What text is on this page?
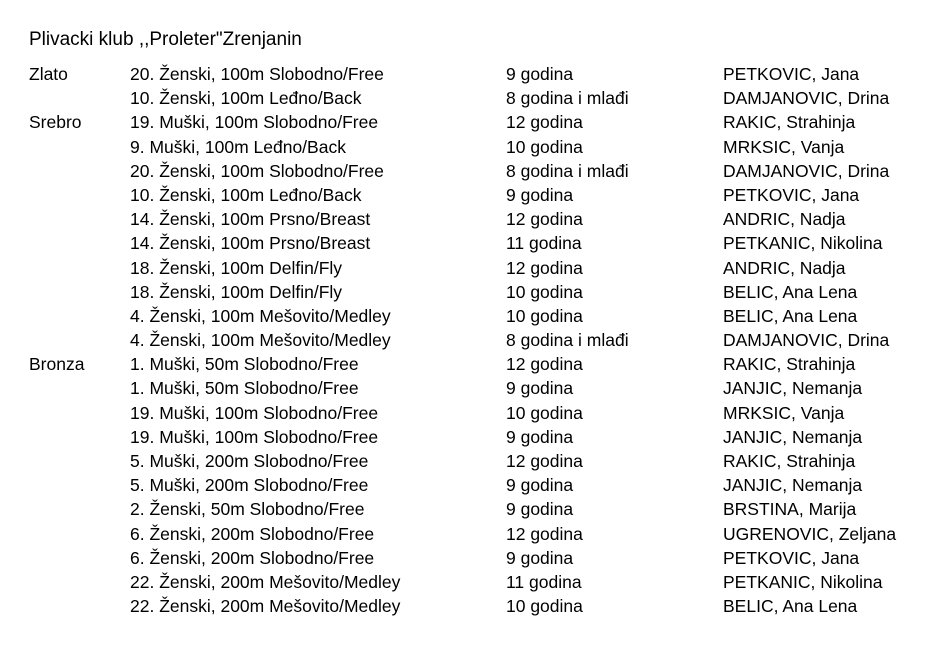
Plivacki klub ,,Proleter"Zrenjanin
Zlato	20. Ženski, 100m Slobodno/Free	9 godina	PETKOVIC, Jana
10. Ženski, 100m Leđno/Back	8 godina i mlađi	DAMJANOVIC, Drina
Srebro	19. Muški, 100m Slobodno/Free	12 godina	RAKIC, Strahinja
9. Muški, 100m Leđno/Back	10 godina	MRKSIC, Vanja
20. Ženski, 100m Slobodno/Free	8 godina i mlađi	DAMJANOVIC, Drina
10. Ženski, 100m Leđno/Back	9 godina	PETKOVIC, Jana
14. Ženski, 100m Prsno/Breast	12 godina	ANDRIC, Nadja
14. Ženski, 100m Prsno/Breast	11 godina	PETKANIC, Nikolina
18. Ženski, 100m Delfin/Fly	12 godina	ANDRIC, Nadja
18. Ženski, 100m Delfin/Fly	10 godina	BELIC, Ana Lena
4. Ženski, 100m Mešovito/Medley	10 godina	BELIC, Ana Lena
4. Ženski, 100m Mešovito/Medley	8 godina i mlađi	DAMJANOVIC, Drina
Bronza	1. Muški, 50m Slobodno/Free	12 godina	RAKIC, Strahinja
1. Muški, 50m Slobodno/Free	9 godina	JANJIC, Nemanja
19. Muški, 100m Slobodno/Free	10 godina	MRKSIC, Vanja
19. Muški, 100m Slobodno/Free	9 godina	JANJIC, Nemanja
5. Muški, 200m Slobodno/Free	12 godina	RAKIC, Strahinja
5. Muški, 200m Slobodno/Free	9 godina	JANJIC, Nemanja
2. Ženski, 50m Slobodno/Free	9 godina	BRSTINA, Marija
6. Ženski, 200m Slobodno/Free	12 godina	UGRENOVIC, Zeljana
6. Ženski, 200m Slobodno/Free	9 godina	PETKOVIC, Jana
22. Ženski, 200m Mešovito/Medley	11 godina	PETKANIC, Nikolina
22. Ženski, 200m Mešovito/Medley	10 godina	BELIC, Ana Lena
